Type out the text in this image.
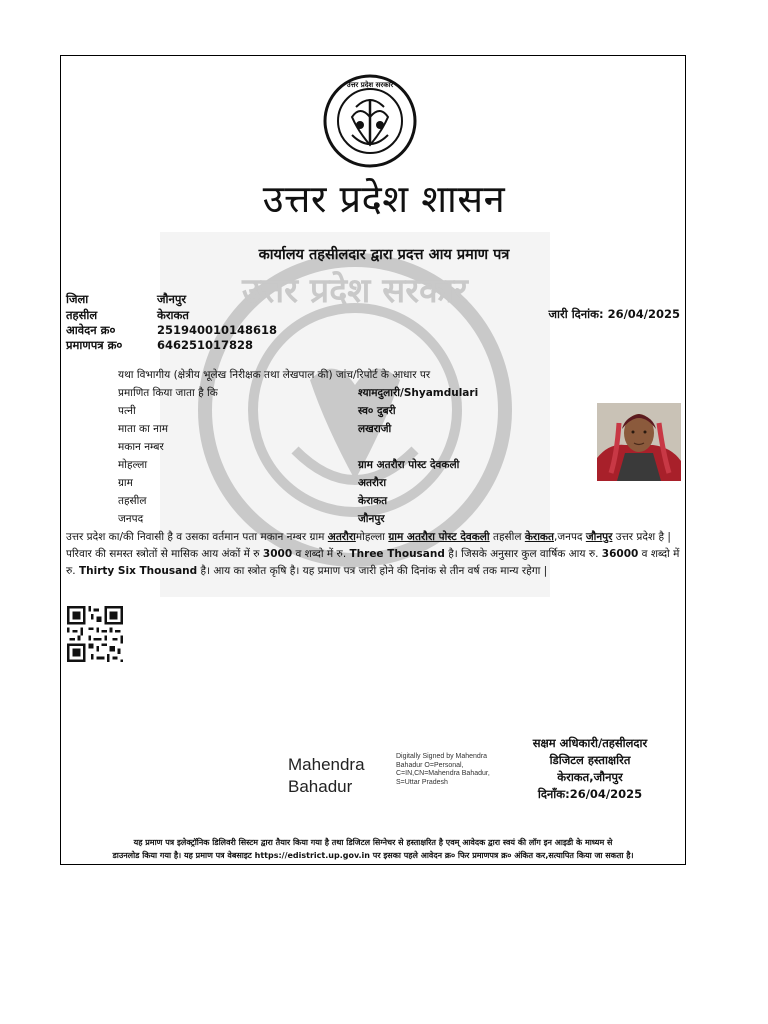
उत्तर प्रदेश सरकार
उत्तर प्रदेश सरकार
उत्तर प्रदेश शासन
कार्यालय तहसीलदार द्वारा प्रदत्त आय प्रमाण पत्र
जिला	जौनपुर
तहसील	केराकत
आवेदन क्र०	251940010148618
प्रमाणपत्र क्र०	646251017828
जारी दिनांक: 26/04/2025
यथा विभागीय (क्षेत्रीय भूलेख निरीक्षक तथा लेखपाल की) जांच/रिपोर्ट के आधार पर
प्रमाणित किया जाता है कि	श्यामदुलारी/Shyamdulari
पत्नी	स्व० दुबरी
माता का नाम	लखराजी
मकान नम्बर
मोहल्ला	ग्राम अतरौरा पोस्ट देवकली
ग्राम	अतरौरा
तहसील	केराकत
जनपद	जौनपुर
उत्तर प्रदेश का/की निवासी है व उसका वर्तमान पता मकान नम्बर ग्राम अतरौरामोहल्ला ग्राम अतरौरा पोस्ट देवकली तहसील केराकत,जनपद जौनपुर उत्तर प्रदेश है | परिवार की समस्त स्त्रोतों से मासिक आय अंकों में रु 3000 व शब्दो में रु. Three Thousand है। जिसके अनुसार कुल वार्षिक आय रु. 36000 व शब्दो में रु. Thirty Six Thousand है। आय का स्त्रोत कृषि है। यह प्रमाण पत्र जारी होने की दिनांक से तीन वर्ष तक मान्य रहेगा |
Mahendra
Bahadur
Digitally Signed by Mahendra Bahadur O=Personal, C=IN,CN=Mahendra Bahadur, S=Uttar Pradesh
सक्षम अधिकारी/तहसीलदार
डिजिटल हस्ताक्षरित
केराकत,जौनपुर
दिनाँक:26/04/2025
यह प्रमाण पत्र इलेक्ट्रॉनिक डिलिवरी सिस्टम द्वारा तैयार किया गया है तथा डिजिटल सिग्नेचर से हस्ताक्षरित है एवम् आवेदक द्वारा स्वयं की लॉग इन आइडी के माध्यम से
डाउनलोड किया गया है। यह प्रमाण पत्र वेबसाइट https://edistrict.up.gov.in पर इसका पहले आवेदन क्र० फिर प्रमाणपत्र क्र० अंकित कर,सत्यापित किया जा सकता है।
